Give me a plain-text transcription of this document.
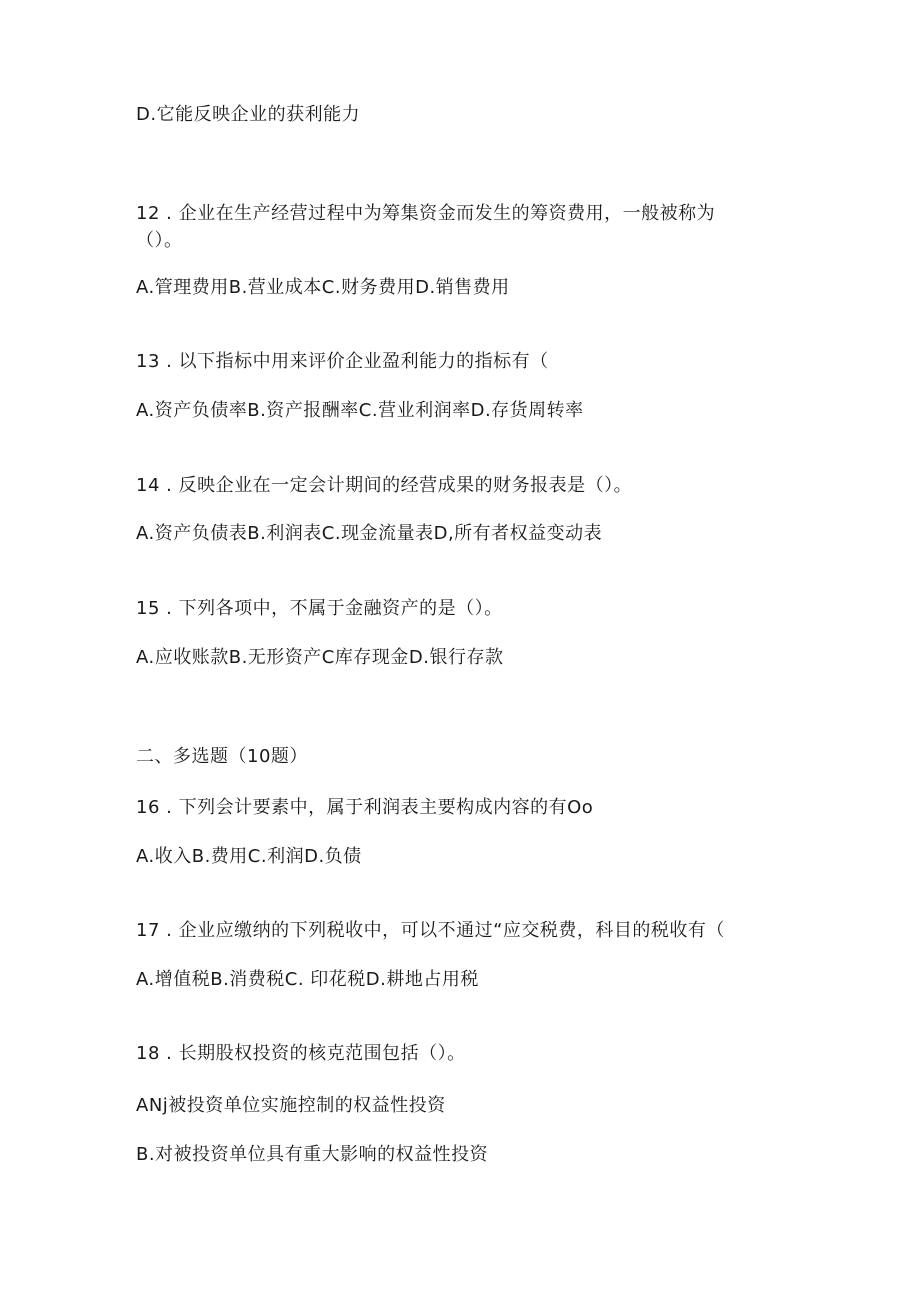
D.它能反映企业的获利能力
12 . 企业在生产经营过程中为筹集资金而发生的筹资费用，一般被称为
（）。
A.管理费用B.营业成本C.财务费用D.销售费用
13 . 以下指标中用来评价企业盈利能力的指标有（
A.资产负债率B.资产报酬率C.营业利润率D.存货周转率
14 . 反映企业在一定会计期间的经营成果的财务报表是（）。
A.资产负债表B.利润表C.现金流量表D,所有者权益变动表
15 . 下列各项中，不属于金融资产的是（）。
A.应收账款B.无形资产C库存现金D.银行存款
二、多选题（10题）
16 . 下列会计要素中，属于利润表主要构成内容的有Oo
A.收入B.费用C.利润D.负债
17 . 企业应缴纳的下列税收中，可以不通过“应交税费，科目的税收有（
A.增值税B.消费税C. 印花税D.耕地占用税
18 . 长期股权投资的核克范围包括（）。
ANj被投资单位实施控制的权益性投资
B.对被投资单位具有重大影响的权益性投资
